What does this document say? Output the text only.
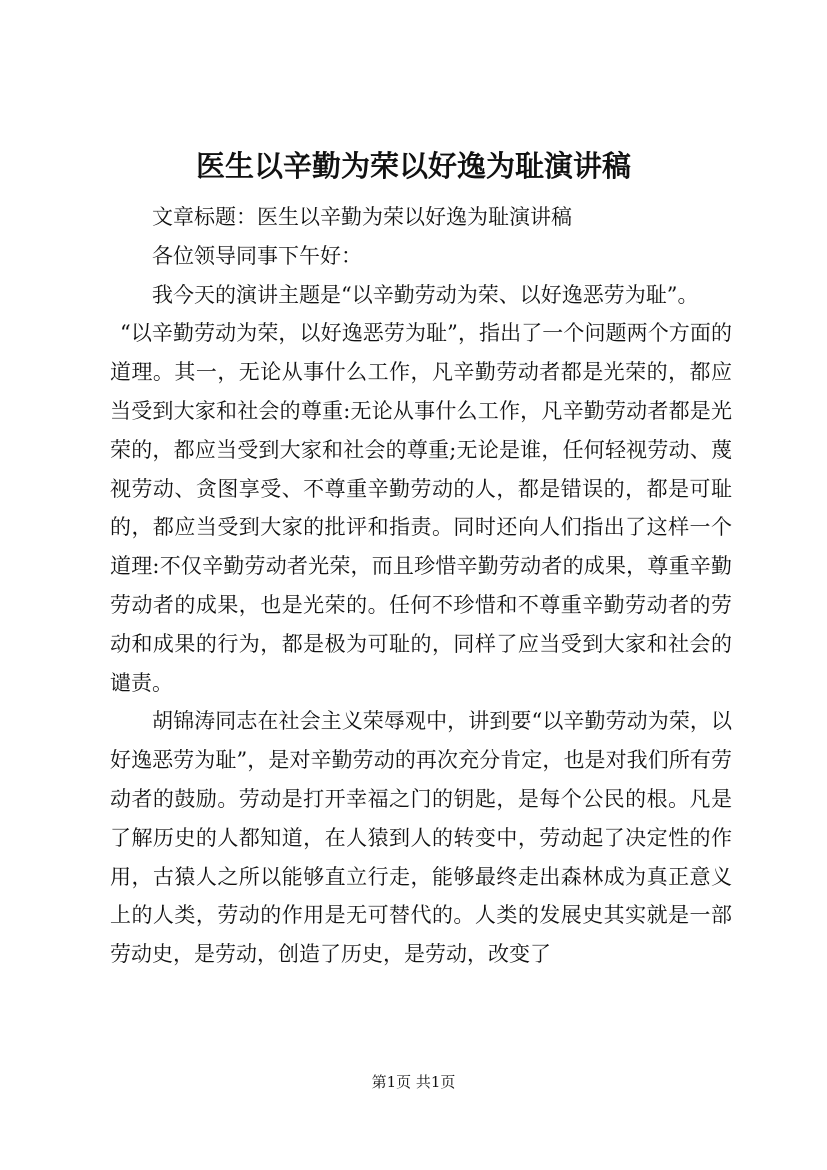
医生以辛勤为荣以好逸为耻演讲稿

文章标题：医生以辛勤为荣以好逸为耻演讲稿

各位领导同事下午好：

我今天的演讲主题是“以辛勤劳动为荣、以好逸恶劳为耻”。

“以辛勤劳动为荣，以好逸恶劳为耻”，指出了一个问题两个方面的道理。其一，无论从事什么工作，凡辛勤劳动者都是光荣的，都应当受到大家和社会的尊重:无论从事什么工作，凡辛勤劳动者都是光荣的，都应当受到大家和社会的尊重;无论是谁，任何轻视劳动、蔑视劳动、贪图享受、不尊重辛勤劳动的人，都是错误的，都是可耻的，都应当受到大家的批评和指责。同时还向人们指出了这样一个道理:不仅辛勤劳动者光荣，而且珍惜辛勤劳动者的成果，尊重辛勤劳动者的成果，也是光荣的。任何不珍惜和不尊重辛勤劳动者的劳动和成果的行为，都是极为可耻的，同样了应当受到大家和社会的谴责。

胡锦涛同志在社会主义荣辱观中，讲到要“以辛勤劳动为荣，以好逸恶劳为耻”，是对辛勤劳动的再次充分肯定，也是对我们所有劳动者的鼓励。劳动是打开幸福之门的钥匙，是每个公民的根。凡是了解历史的人都知道，在人猿到人的转变中，劳动起了决定性的作用，古猿人之所以能够直立行走，能够最终走出森林成为真正意义上的人类，劳动的作用是无可替代的。人类的发展史其实就是一部劳动史，是劳动，创造了历史，是劳动，改变了

第1页 共1页
